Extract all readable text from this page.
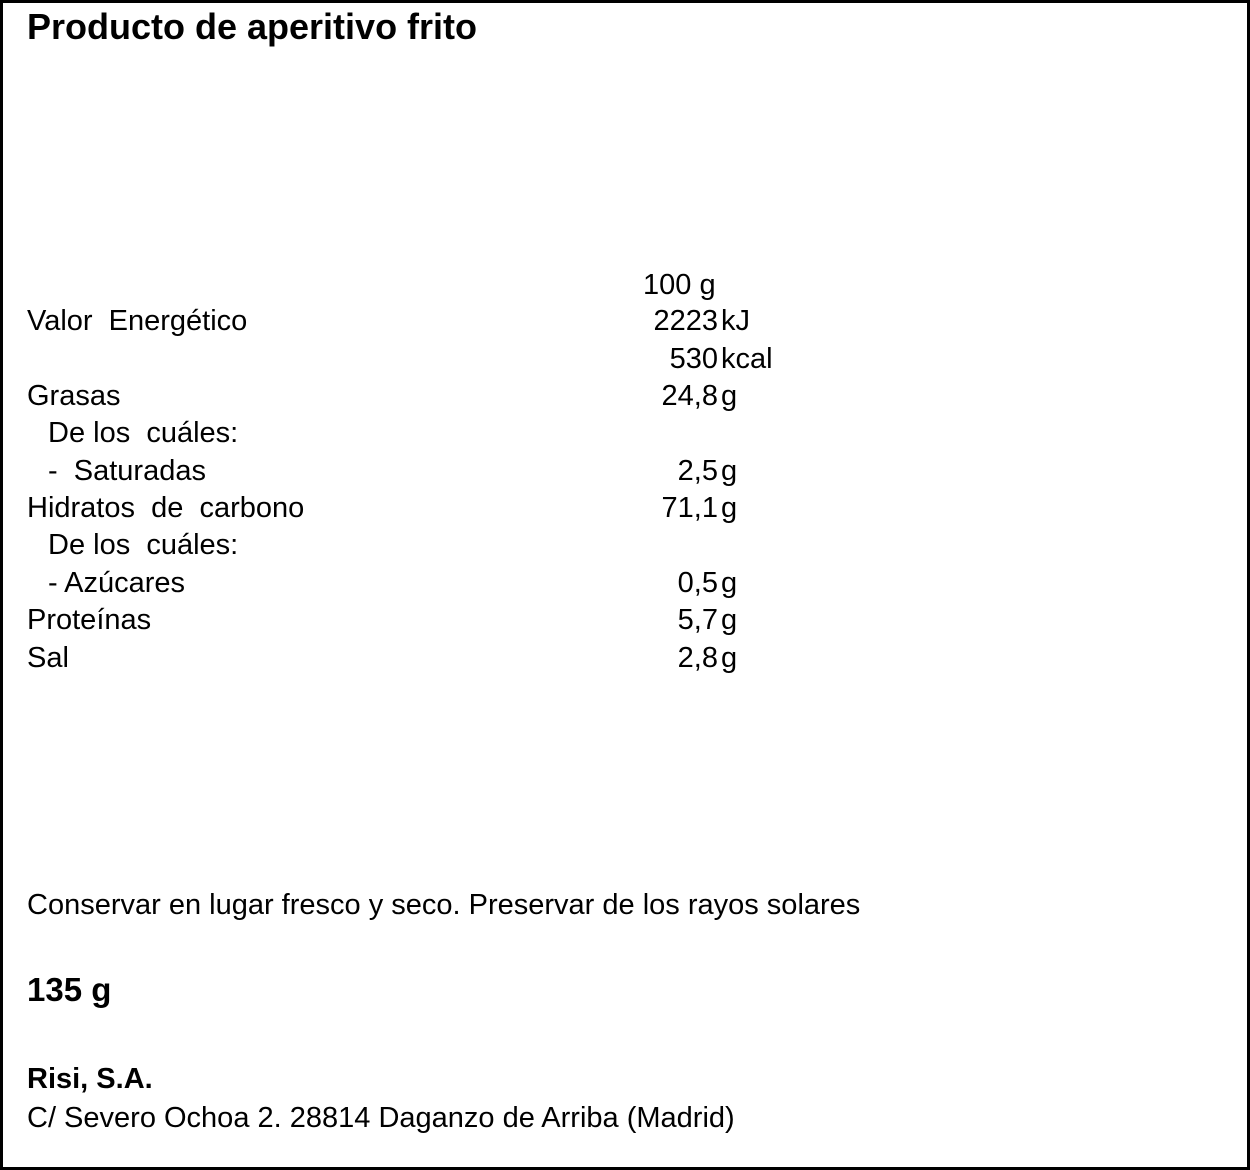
Producto de aperitivo frito
100 g
Valor  Energético	2223 kJ
530 kcal
Grasas	24,8 g
De los  cuáles:
-  Saturadas	2,5 g
Hidratos  de  carbono	71,1 g
De los  cuáles:
- Azúcares	0,5 g
Proteínas	5,7 g
Sal	2,8 g
Conservar en lugar fresco y seco. Preservar de los rayos solares
135 g
Risi, S.A.
C/ Severo Ochoa 2. 28814 Daganzo de Arriba (Madrid)
